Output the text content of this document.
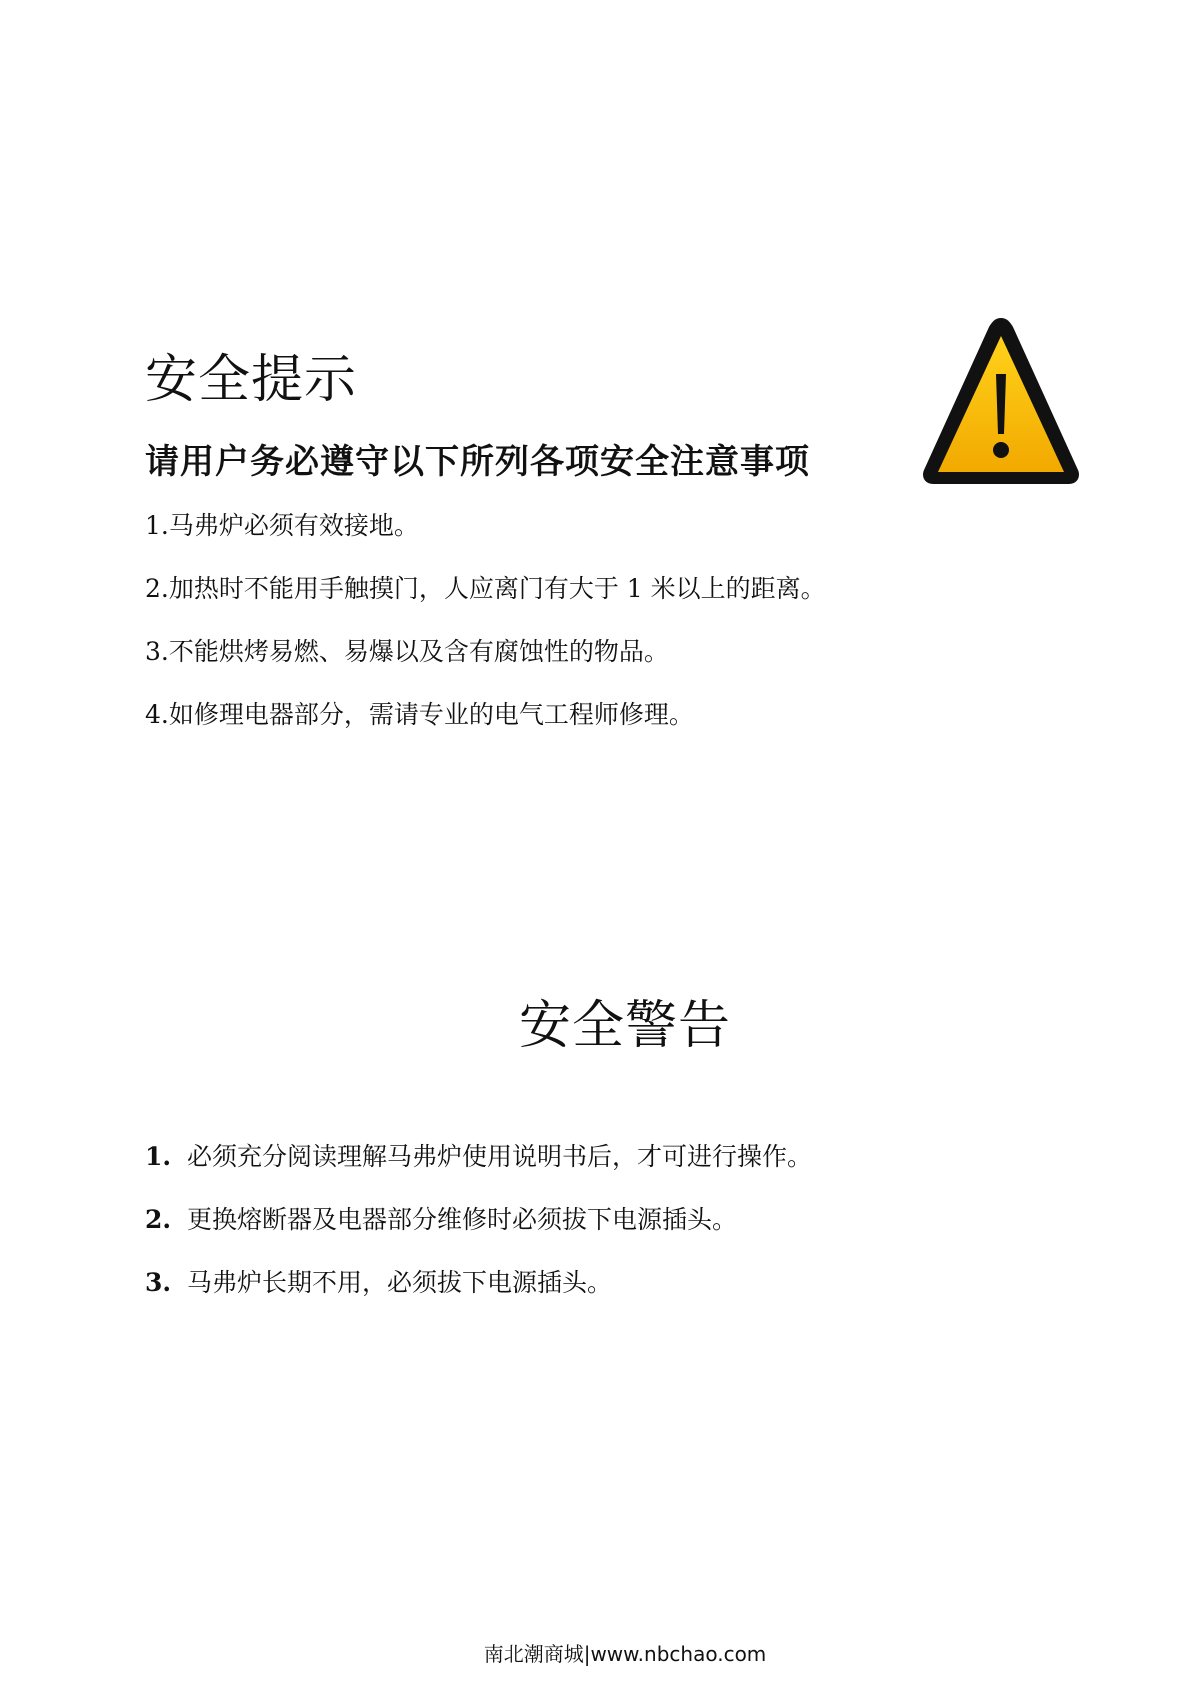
安全提示
请用户务必遵守以下所列各项安全注意事项
1.马弗炉必须有效接地。
2.加热时不能用手触摸门，人应离门有大于 1 米以上的距离。
3.不能烘烤易燃、易爆以及含有腐蚀性的物品。
4.如修理电器部分，需请专业的电气工程师修理。
安全警告
1. 必须充分阅读理解马弗炉使用说明书后，才可进行操作。
2. 更换熔断器及电器部分维修时必须拔下电源插头。
3. 马弗炉长期不用，必须拔下电源插头。
南北潮商城|www.nbchao.com
